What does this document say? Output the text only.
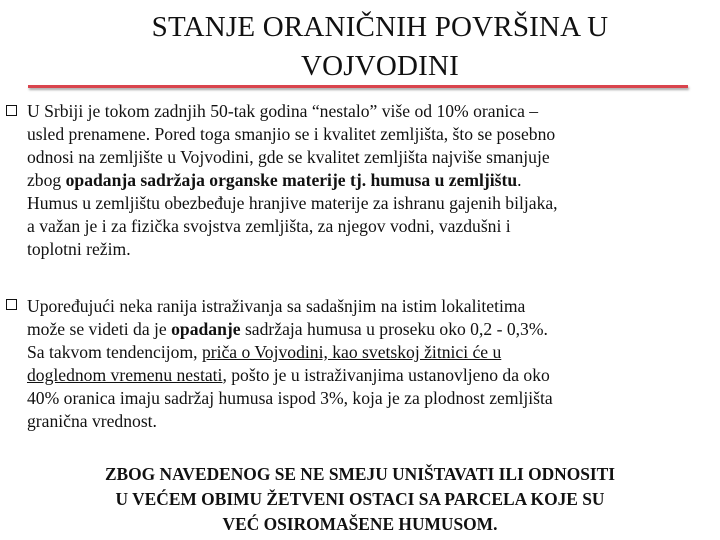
STANJE ORANIČNIH POVRŠINA U
VOJVODINI
U Srbiji je tokom zadnjih 50-tak godina “nestalo” više od 10% oranica –
usled prenamene. Pored toga smanjio se i kvalitet zemljišta, što se posebno
odnosi na zemljište u Vojvodini, gde se kvalitet zemljišta najviše smanjuje
zbog opadanja sadržaja organske materije tj. humusa u zemljištu.
Humus u zemljištu obezbeđuje hranjive materije za ishranu gajenih biljaka,
a važan je i za fizička svojstva zemljišta, za njegov vodni, vazdušni i
toplotni režim.
Upoređujući neka ranija istraživanja sa sadašnjim na istim lokalitetima
može se videti da je opadanje sadržaja humusa u proseku oko 0,2 - 0,3%.
Sa takvom tendencijom, priča o Vojvodini, kao svetskoj žitnici će u
doglednom vremenu nestati, pošto je u istraživanjima ustanovljeno da oko
40% oranica imaju sadržaj humusa ispod 3%, koja je za plodnost zemljišta
granična vrednost.
ZBOG NAVEDENOG SE NE SMEJU UNIŠTAVATI ILI ODNOSITI
U VEĆEM OBIMU ŽETVENI OSTACI SA PARCELA KOJE SU
VEĆ OSIROMAŠENE HUMUSOM.
